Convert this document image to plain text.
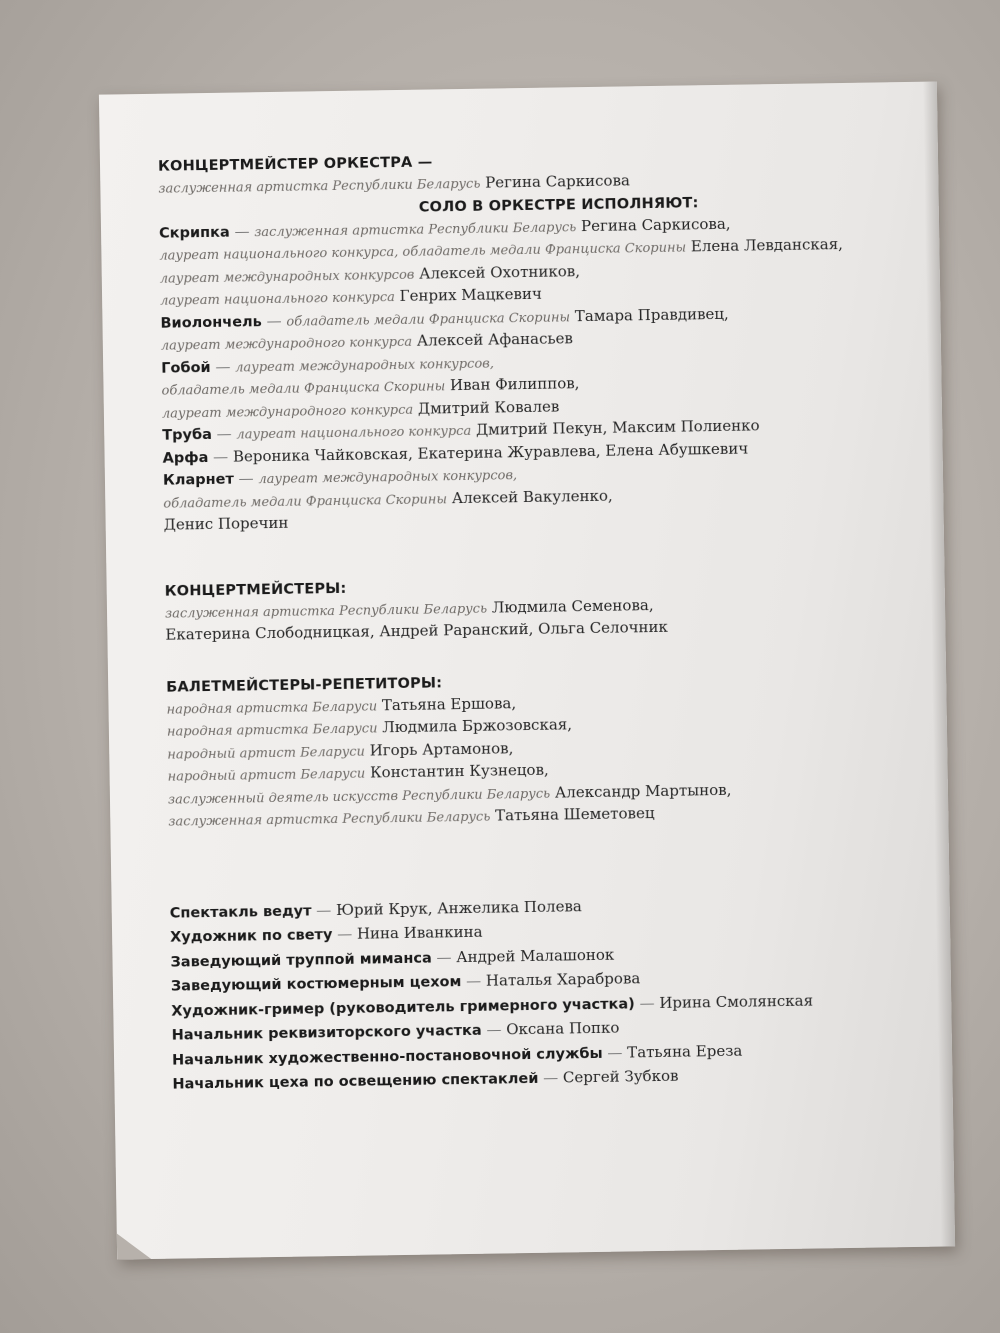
КОНЦЕРТМЕЙСТЕР ОРКЕСТРА —
заслуженная артистка Республики Беларусь Регина Саркисова
СОЛО В ОРКЕСТРЕ ИСПОЛНЯЮТ:
Скрипка — заслуженная артистка Республики Беларусь Регина Саркисова,
лауреат национального конкурса, обладатель медали Франциска Скорины Елена Левданская,
лауреат международных конкурсов Алексей Охотников,
лауреат национального конкурса Генрих Мацкевич
Виолончель — обладатель медали Франциска Скорины Тамара Правдивец,
лауреат международного конкурса Алексей Афанасьев
Гобой — лауреат международных конкурсов,
обладатель медали Франциска Скорины Иван Филиппов,
лауреат международного конкурса Дмитрий Ковалев
Труба — лауреат национального конкурса Дмитрий Пекун, Максим Полиенко
Арфа — Вероника Чайковская, Екатерина Журавлева, Елена Абушкевич
Кларнет — лауреат международных конкурсов,
обладатель медали Франциска Скорины Алексей Вакуленко,
Денис Поречин
КОНЦЕРТМЕЙСТЕРЫ:
заслуженная артистка Республики Беларусь Людмила Семенова,
Екатерина Слободницкая, Андрей Раранский, Ольга Селочник
БАЛЕТМЕЙСТЕРЫ-РЕПЕТИТОРЫ:
народная артистка Беларуси Татьяна Ершова,
народная артистка Беларуси Людмила Бржозовская,
народный артист Беларуси Игорь Артамонов,
народный артист Беларуси Константин Кузнецов,
заслуженный деятель искусств Республики Беларусь Александр Мартынов,
заслуженная артистка Республики Беларусь Татьяна Шеметовец
Спектакль ведут — Юрий Крук, Анжелика Полева
Художник по свету — Нина Иванкина
Заведующий труппой миманса — Андрей Малашонок
Заведующий костюмерным цехом — Наталья Хараброва
Художник-гример (руководитель гримерного участка) — Ирина Смолянская
Начальник реквизиторского участка — Оксана Попко
Начальник художественно-постановочной службы — Татьяна Ереза
Начальник цеха по освещению спектаклей — Сергей Зубков
